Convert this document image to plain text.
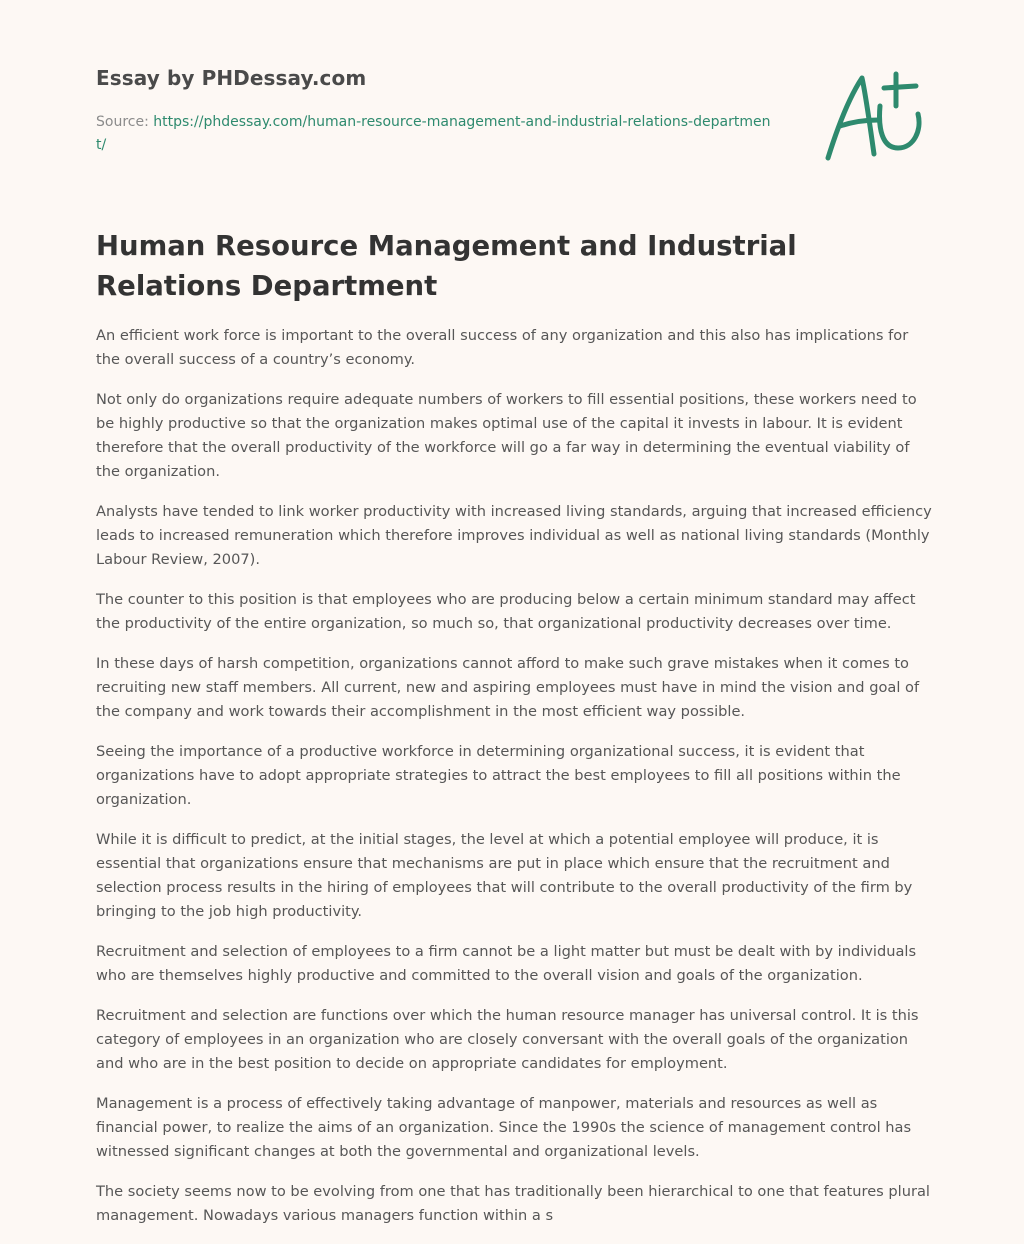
Essay by PHDessay.com

Source: https://phdessay.com/human-resource-management-and-industrial-relations-department/

Human Resource Management and Industrial Relations Department

An efficient work force is important to the overall success of any organization and this also has implications for the overall success of a country’s economy.

Not only do organizations require adequate numbers of workers to fill essential positions, these workers need to be highly productive so that the organization makes optimal use of the capital it invests in labour. It is evident therefore that the overall productivity of the workforce will go a far way in determining the eventual viability of the organization.

Analysts have tended to link worker productivity with increased living standards, arguing that increased efficiency leads to increased remuneration which therefore improves individual as well as national living standards (Monthly Labour Review, 2007).

The counter to this position is that employees who are producing below a certain minimum standard may affect the productivity of the entire organization, so much so, that organizational productivity decreases over time.

In these days of harsh competition, organizations cannot afford to make such grave mistakes when it comes to recruiting new staff members. All current, new and aspiring employees must have in mind the vision and goal of the company and work towards their accomplishment in the most efficient way possible.

Seeing the importance of a productive workforce in determining organizational success, it is evident that organizations have to adopt appropriate strategies to attract the best employees to fill all positions within the organization.

While it is difficult to predict, at the initial stages, the level at which a potential employee will produce, it is essential that organizations ensure that mechanisms are put in place which ensure that the recruitment and selection process results in the hiring of employees that will contribute to the overall productivity of the firm by bringing to the job high productivity.

Recruitment and selection of employees to a firm cannot be a light matter but must be dealt with by individuals who are themselves highly productive and committed to the overall vision and goals of the organization.

Recruitment and selection are functions over which the human resource manager has universal control. It is this category of employees in an organization who are closely conversant with the overall goals of the organization and who are in the best position to decide on appropriate candidates for employment.

Management is a process of effectively taking advantage of manpower, materials and resources as well as financial power, to realize the aims of an organization. Since the 1990s the science of management control has witnessed significant changes at both the governmental and organizational levels.

The society seems now to be evolving from one that has traditionally been hierarchical to one that features plural management. Nowadays various managers function within a s
